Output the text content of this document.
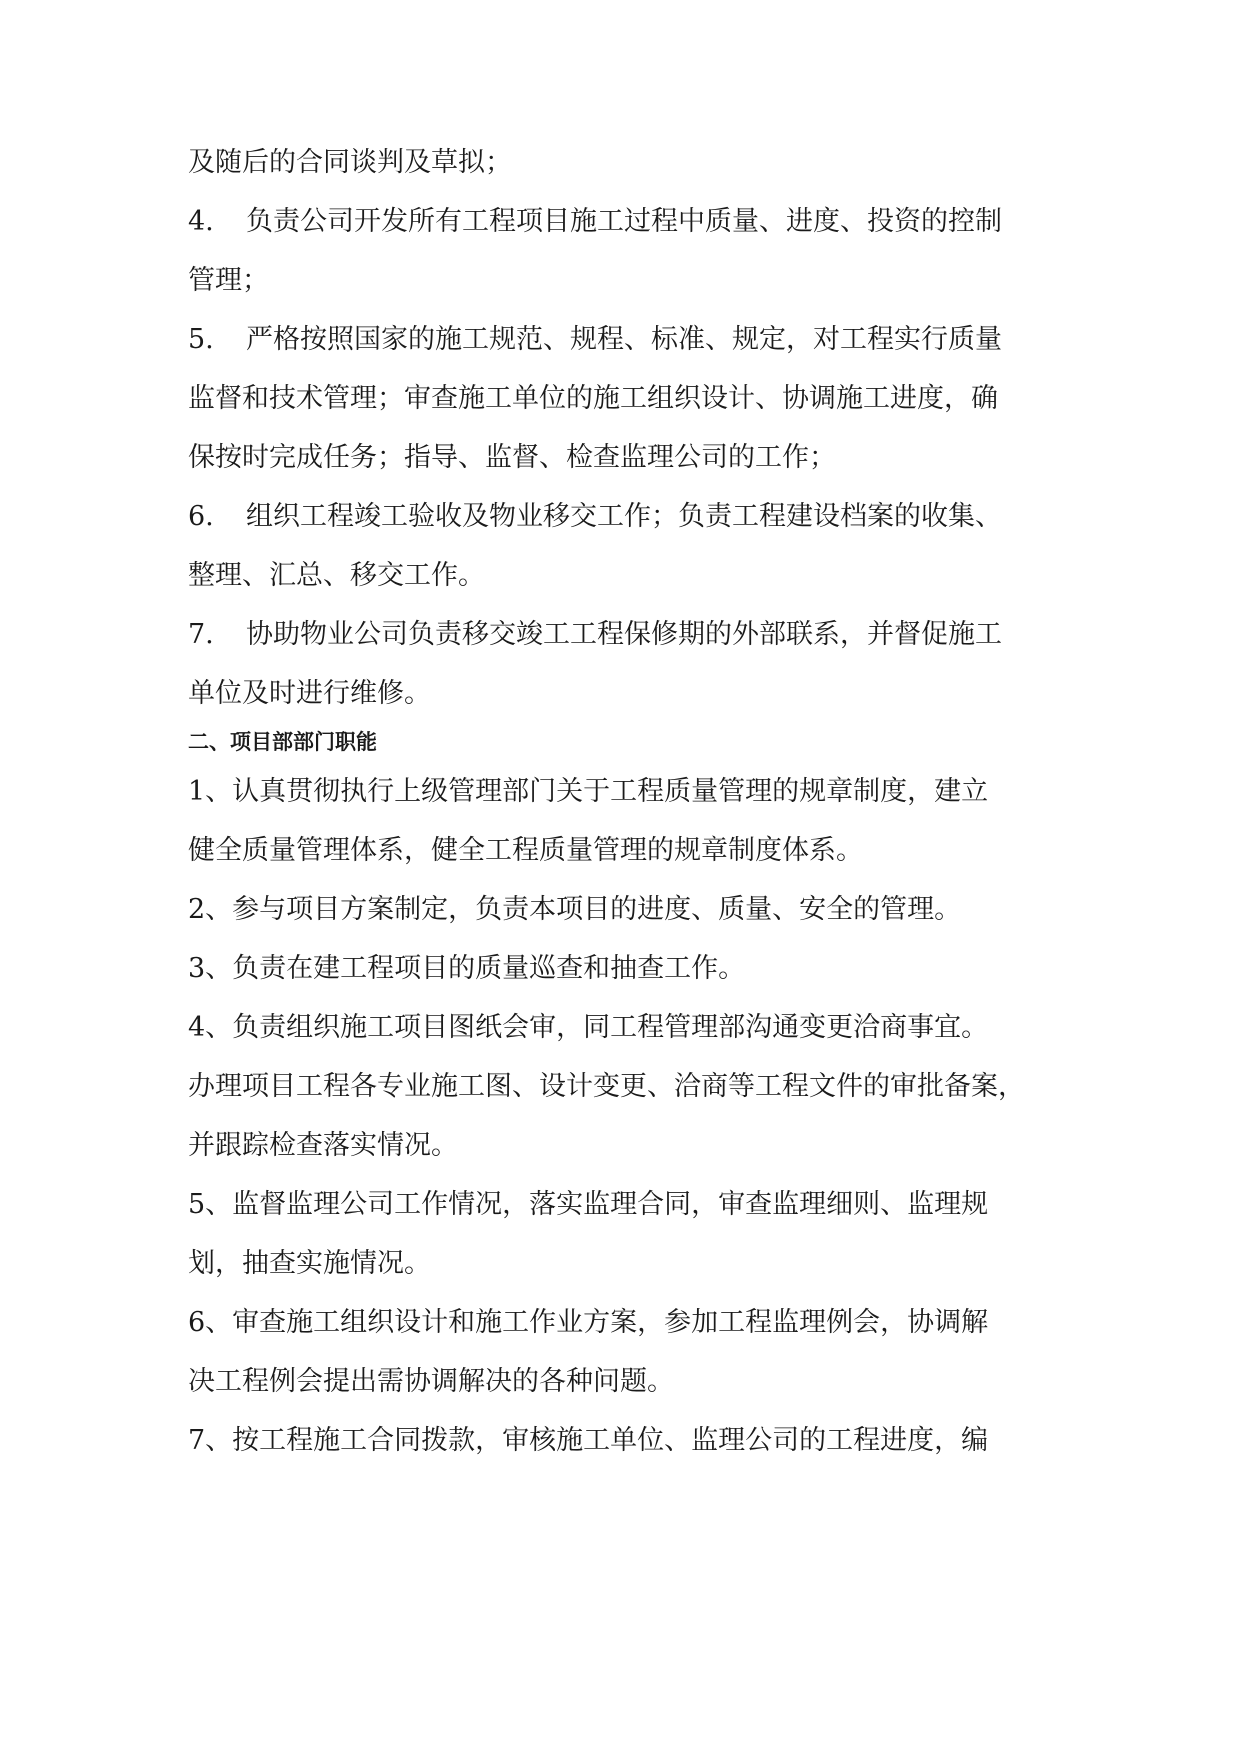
及随后的合同谈判及草拟；
4. 负责公司开发所有工程项目施工过程中质量、进度、投资的控制
管理；
5. 严格按照国家的施工规范、规程、标准、规定，对工程实行质量
监督和技术管理；审查施工单位的施工组织设计、协调施工进度，确
保按时完成任务；指导、监督、检查监理公司的工作；
6. 组织工程竣工验收及物业移交工作；负责工程建设档案的收集、
整理、汇总、移交工作。
7. 协助物业公司负责移交竣工工程保修期的外部联系，并督促施工
单位及时进行维修。
二、项目部部门职能
1、认真贯彻执行上级管理部门关于工程质量管理的规章制度，建立
健全质量管理体系，健全工程质量管理的规章制度体系。
2、参与项目方案制定，负责本项目的进度、质量、安全的管理。
3、负责在建工程项目的质量巡查和抽查工作。
4、负责组织施工项目图纸会审，同工程管理部沟通变更洽商事宜。
办理项目工程各专业施工图、设计变更、洽商等工程文件的审批备案，
并跟踪检查落实情况。
5、监督监理公司工作情况，落实监理合同，审查监理细则、监理规
划，抽查实施情况。
6、审查施工组织设计和施工作业方案，参加工程监理例会，协调解
决工程例会提出需协调解决的各种问题。
7、按工程施工合同拨款，审核施工单位、监理公司的工程进度，编
